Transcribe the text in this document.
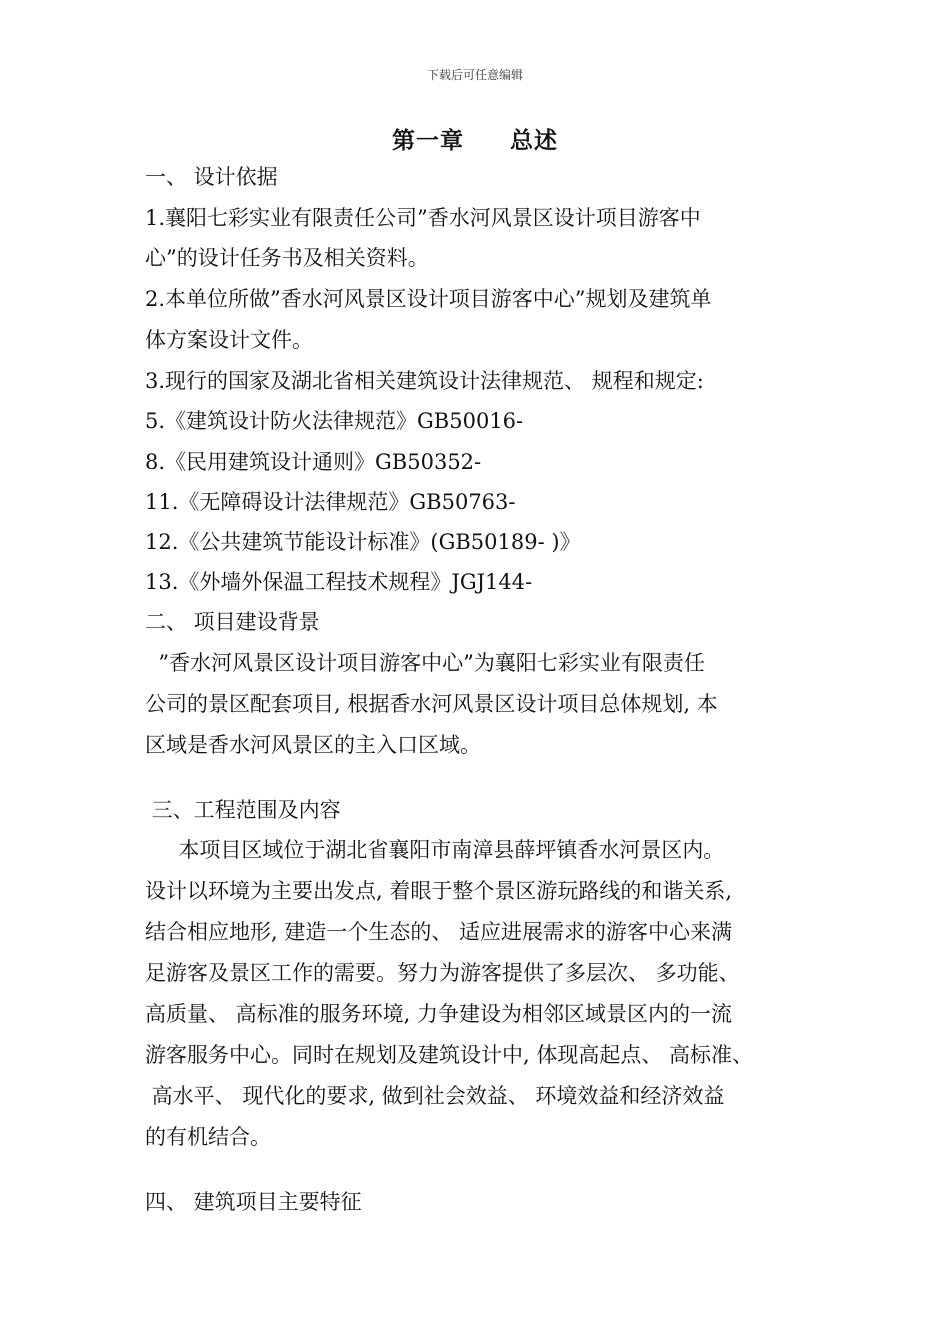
下载后可任意编辑
第一章 总述
一、 设计依据
1.襄阳七彩实业有限责任公司”香水河风景区设计项目游客中
心”的设计任务书及相关资料。
2.本单位所做”香水河风景区设计项目游客中心”规划及建筑单
体方案设计文件。
3.现行的国家及湖北省相关建筑设计法律规范、 规程和规定:
5.《建筑设计防火法律规范》GB50016-
8.《民用建筑设计通则》GB50352-
11.《无障碍设计法律规范》GB50763-
12.《公共建筑节能设计标准》(GB50189- )》
13.《外墙外保温工程技术规程》JGJ144-
二、 项目建设背景
”香水河风景区设计项目游客中心”为襄阳七彩实业有限责任
公司的景区配套项目, 根据香水河风景区设计项目总体规划, 本
区域是香水河风景区的主入口区域。
三、工程范围及内容
本项目区域位于湖北省襄阳市南漳县薛坪镇香水河景区内。
设计以环境为主要出发点, 着眼于整个景区游玩路线的和谐关系,
结合相应地形, 建造一个生态的、 适应进展需求的游客中心来满
足游客及景区工作的需要。努力为游客提供了多层次、 多功能、
高质量、 高标准的服务环境, 力争建设为相邻区域景区内的一流
游客服务中心。同时在规划及建筑设计中, 体现高起点、 高标准、
高水平、 现代化的要求, 做到社会效益、 环境效益和经济效益
的有机结合。
四、 建筑项目主要特征
